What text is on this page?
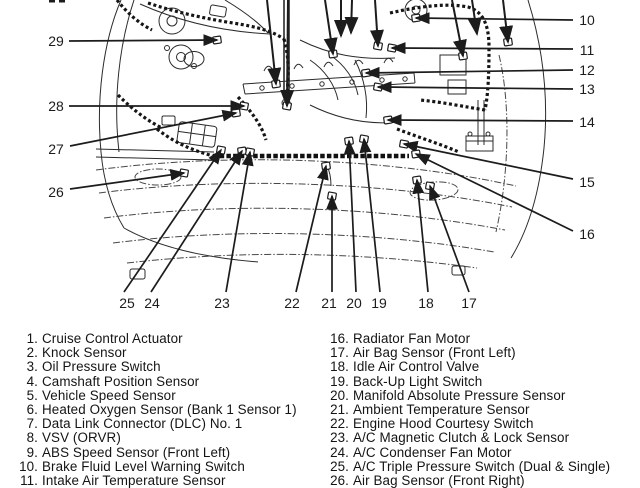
29
28
27
26
10
11
12
13
14
15
16
25 24	23	22 21 20 19 18 17
1. Cruise Control Actuator
2. Knock Sensor
3. Oil Pressure Switch
4. Camshaft Position Sensor
5. Vehicle Speed Sensor
6. Heated Oxygen Sensor (Bank 1 Sensor 1)
7. Data Link Connector (DLC) No. 1
8. VSV (ORVR)
9. ABS Speed Sensor (Front Left)
10. Brake Fluid Level Warning Switch
11. Intake Air Temperature Sensor
16. Radiator Fan Motor
17. Air Bag Sensor (Front Left)
18. Idle Air Control Valve
19. Back-Up Light Switch
20. Manifold Absolute Pressure Sensor
21. Ambient Temperature Sensor
22. Engine Hood Courtesy Switch
23. A/C Magnetic Clutch & Lock Sensor
24. A/C Condenser Fan Motor
25. A/C Triple Pressure Switch (Dual & Single)
26. Air Bag Sensor (Front Right)
